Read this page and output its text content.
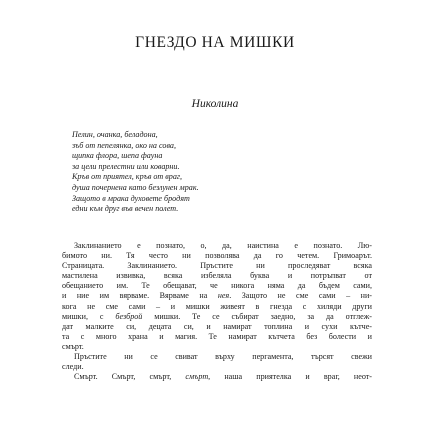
ГНЕЗДО НА МИШКИ
Николина
Пелин, очанка, беладона,
зъб от пепелянка, око на сова,
щипка флора, шепа фауна
за цели прелестни или коварни.
Кръв от приятел, кръв от враг,
душа почернена като безлунен мрак.
Защото в мрака духовете бродят
едни към друг във вечен полет.
Заклинанието е познато, о, да, наистина е познато. Лю-
бимото ни. Тя често ни позволява да го четем. Гримоарът.
Страницата. Заклинанието. Пръстите ни проследяват всяка
мастилена извивка, всяка избеляла буква и потръпват от
обещанието им. Те обещават, че никога няма да бъдем сами,
и ние им вярваме. Вярваме на нея. Защото не сме сами – ни-
кога не сме сами – и мишки живеят в гнезда с хиляди други
мишки, с безброй мишки. Те се събират заедно, за да отглеж-
дат малките си, децата си, и намират топлина и сухи кътче-
та с много храна и магия. Те намират кътчета без болести и
смърт.
Пръстите ни се свиват върху пергамента, търсят свежи
следи.
Смърт. Смърт, смърт, смърт, наша приятелка и враг, неот-
